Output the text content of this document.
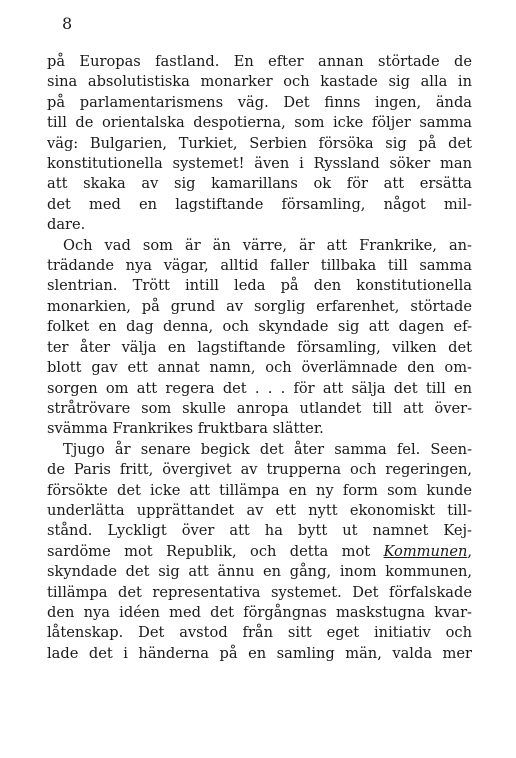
8
på Europas fastland. En efter annan störtade de
sina absolutistiska monarker och kastade sig alla in
på parlamentarismens väg. Det finns ingen, ända
till de orientalska despotierna, som icke följer samma
väg: Bulgarien, Turkiet, Serbien försöka sig på det
konstitutionella systemet! även i Ryssland söker man
att skaka av sig kamarillans ok för att ersätta
det med en lagstiftande församling, något mil-
dare.
Och vad som är än värre, är att Frankrike, an-
trädande nya vägar, alltid faller tillbaka till samma
slentrian. Trött intill leda på den konstitutionella
monarkien, på grund av sorglig erfarenhet, störtade
folket en dag denna, och skyndade sig att dagen ef-
ter åter välja en lagstiftande församling, vilken det
blott gav ett annat namn, och överlämnade den om-
sorgen om att regera det . . . för att sälja det till en
stråtrövare som skulle anropa utlandet till att över-
svämma Frankrikes fruktbara slätter.
Tjugo år senare begick det åter samma fel. Seen-
de Paris fritt, övergivet av trupperna och regeringen,
försökte det icke att tillämpa en ny form som kunde
underlätta upprättandet av ett nytt ekonomiskt till-
stånd. Lyckligt över att ha bytt ut namnet Kej-
sardöme mot Republik, och detta mot Kommunen,
skyndade det sig att ännu en gång, inom kommunen,
tillämpa det representativa systemet. Det förfalskade
den nya idéen med det förgångnas maskstugna kvar-
låtenskap. Det avstod från sitt eget initiativ och
lade det i händerna på en samling män, valda mer
